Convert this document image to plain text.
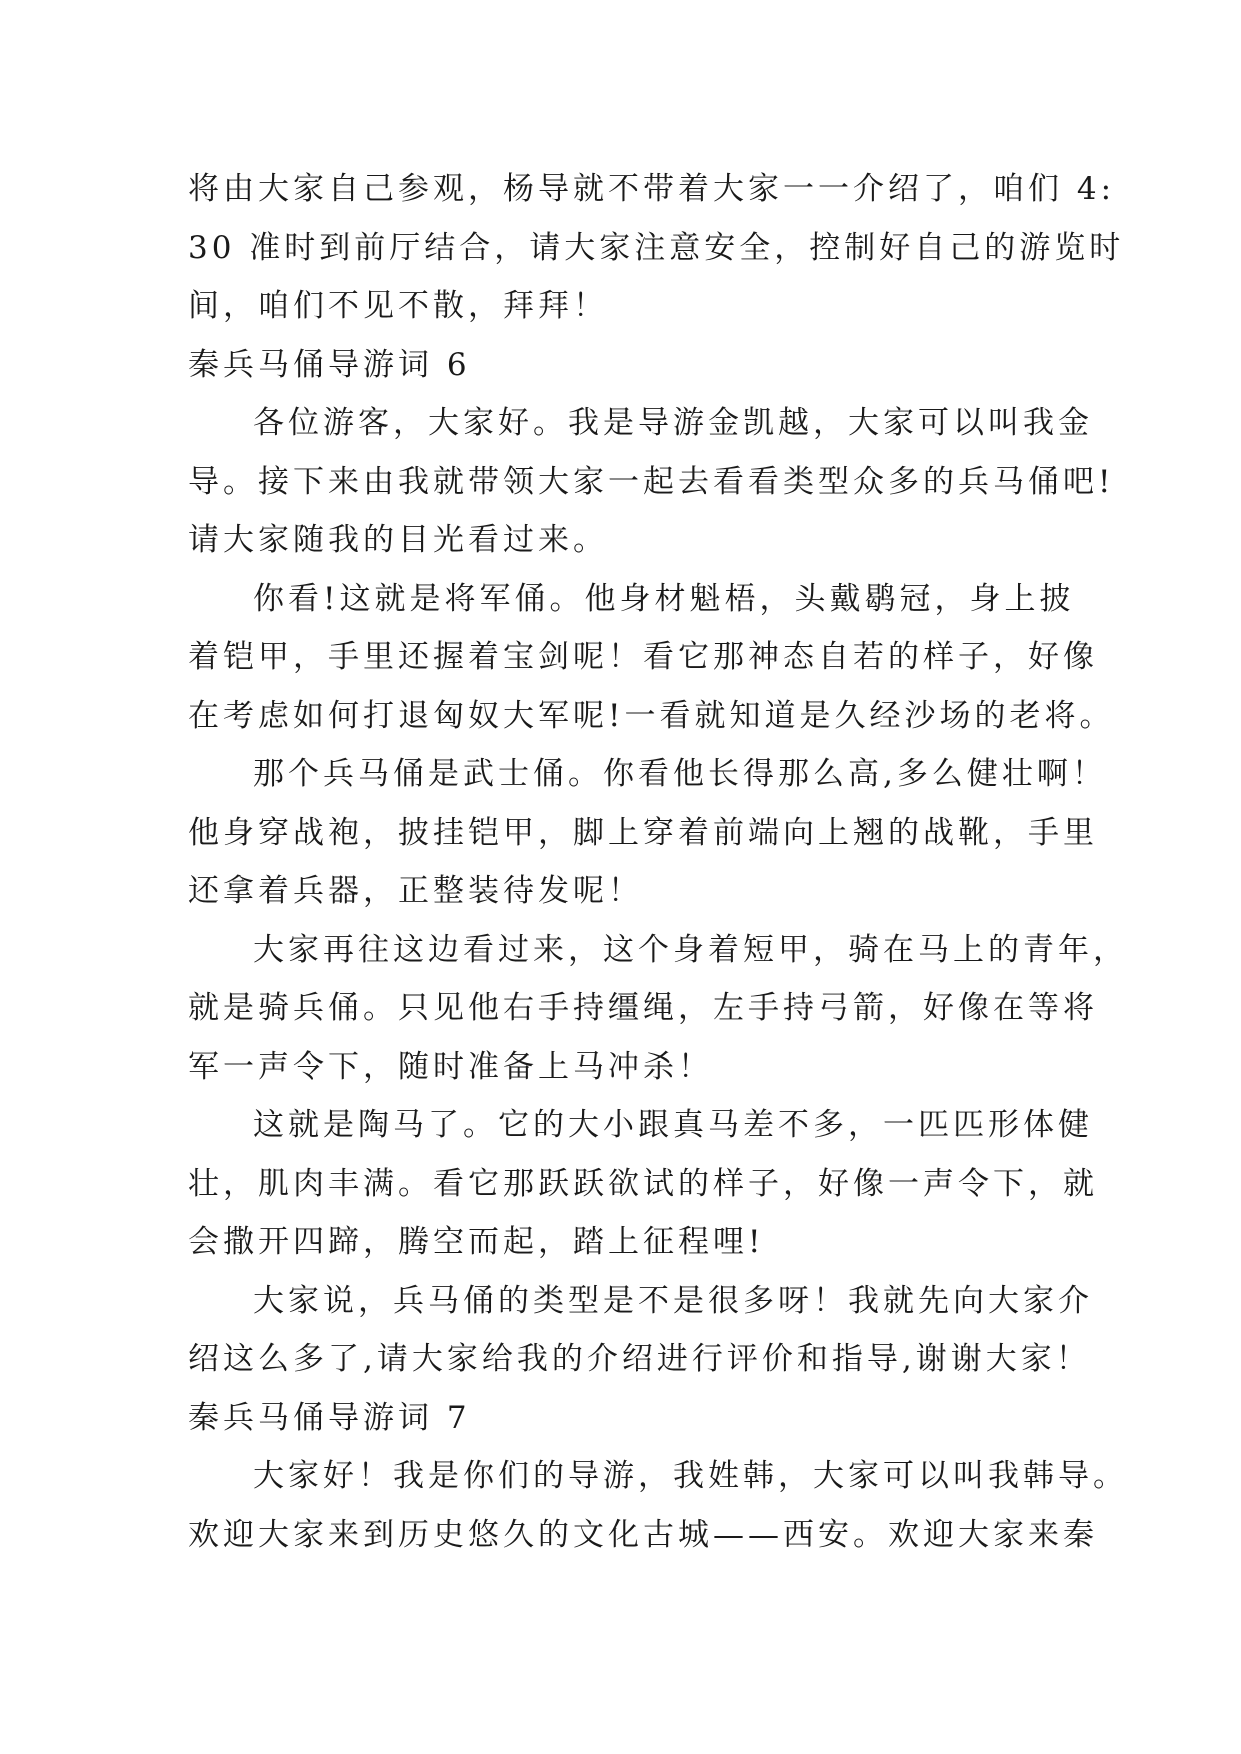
将由大家自己参观，杨导就不带着大家一一介绍了，咱们 4:
30 准时到前厅结合，请大家注意安全，控制好自己的游览时
间，咱们不见不散，拜拜！
秦兵马俑导游词 6
各位游客，大家好。我是导游金凯越，大家可以叫我金
导。接下来由我就带领大家一起去看看类型众多的兵马俑吧!
请大家随我的目光看过来。
你看!这就是将军俑。他身材魁梧，头戴鹖冠，身上披
着铠甲，手里还握着宝剑呢！看它那神态自若的样子，好像
在考虑如何打退匈奴大军呢!一看就知道是久经沙场的老将。
那个兵马俑是武士俑。你看他长得那么高,多么健壮啊！
他身穿战袍，披挂铠甲，脚上穿着前端向上翘的战靴，手里
还拿着兵器，正整装待发呢！
大家再往这边看过来，这个身着短甲，骑在马上的青年，
就是骑兵俑。只见他右手持缰绳，左手持弓箭，好像在等将
军一声令下，随时准备上马冲杀！
这就是陶马了。它的大小跟真马差不多，一匹匹形体健
壮，肌肉丰满。看它那跃跃欲试的样子，好像一声令下，就
会撒开四蹄，腾空而起，踏上征程哩!
大家说，兵马俑的类型是不是很多呀！我就先向大家介
绍这么多了,请大家给我的介绍进行评价和指导,谢谢大家！
秦兵马俑导游词 7
大家好！我是你们的导游，我姓韩，大家可以叫我韩导。
欢迎大家来到历史悠久的文化古城——西安。欢迎大家来秦
